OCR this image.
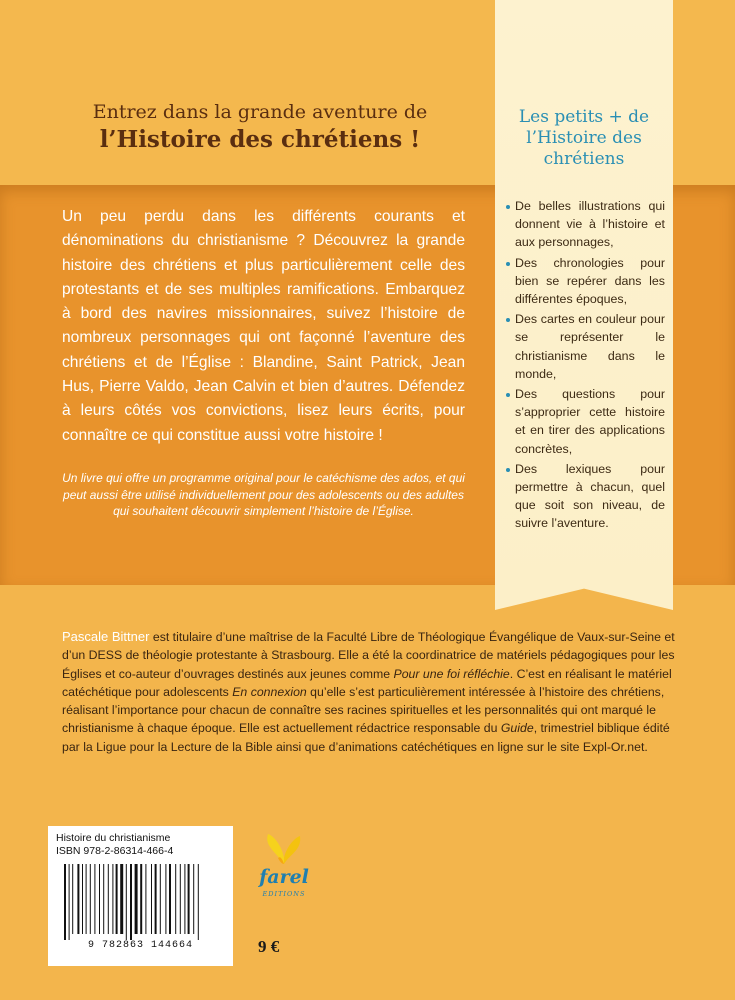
Entrez dans la grande aventure de
l’Histoire des chrétiens !

Un peu perdu dans les différents courants et dénominations du christianisme ? Découvrez la grande histoire des chrétiens et plus particulièrement celle des protestants et de ses multiples ramifications. Embarquez à bord des navires missionnaires, suivez l’histoire de nombreux personnages qui ont façonné l’aventure des chrétiens et de l’Église : Blandine, Saint Patrick, Jean Hus, Pierre Valdo, Jean Calvin et bien d’autres. Défendez à leurs côtés vos convictions, lisez leurs écrits, pour connaître ce qui constitue aussi votre histoire !

Un livre qui offre un programme original pour le catéchisme des ados, et qui peut aussi être utilisé individuellement pour des adolescents ou des adultes qui souhaitent découvrir simplement l’histoire de l’Église.

Les petits + de l’Histoire des chrétiens
De belles illustrations qui donnent vie à l’histoire et aux personnages,
Des chronologies pour bien se repérer dans les différentes époques,
Des cartes en couleur pour se représenter le christianisme dans le monde,
Des questions pour s’approprier cette histoire et en tirer des applications concrètes,
Des lexiques pour permettre à chacun, quel que soit son niveau, de suivre l’aventure.

Pascale Bittner est titulaire d’une maîtrise de la Faculté Libre de Théologique Évangélique de Vaux-sur-Seine et d’un DESS de théologie protestante à Strasbourg. Elle a été la coordinatrice de matériels pédagogiques pour les Églises et co-auteur d’ouvrages destinés aux jeunes comme Pour une foi réfléchie. C’est en réalisant le matériel catéchétique pour adolescents En connexion qu’elle s’est particulièrement intéressée à l’histoire des chrétiens, réalisant l’importance pour chacun de connaître ses racines spirituelles et les personnalités qui ont marqué le christianisme à chaque époque. Elle est actuellement rédactrice responsable du Guide, trimestriel biblique édité par la Ligue pour la Lecture de la Bible ainsi que d’animations catéchétiques en ligne sur le site Expl-Or.net.

Histoire du christianisme
ISBN 978-2-86314-466-4
9 782863 144664
farel
EDITIONS
9 €
